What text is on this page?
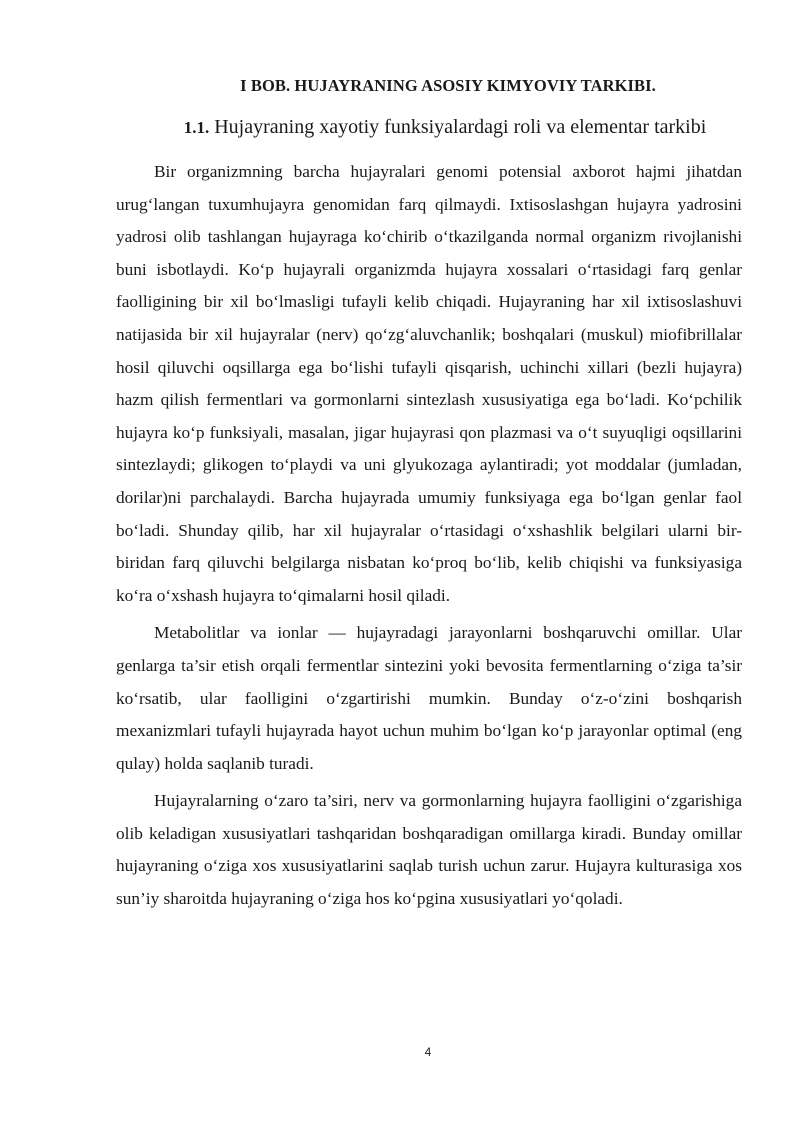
I BOB. HUJAYRANING ASOSIY KIMYOVIY TARKIBI.
1.1. Hujayraning xayotiy funksiyalardagi roli va elementar tarkibi

Bir organizmning barcha hujayralari genomi potensial axborot hajmi jihatdan urug‘langan tuxumhujayra genomidan farq qilmaydi. Ixtisoslashgan hujayra yadrosini yadrosi olib tashlangan hujayraga ko‘chirib o‘tkazilganda normal organizm rivojlanishi buni isbotlaydi. Ko‘p hujayrali organizmda hujayra xossalari o‘rtasidagi farq genlar faolligining bir xil bo‘lmasligi tufayli kelib chiqadi. Hujayraning har xil ixtisoslashuvi natijasida bir xil hujayralar (nerv) qo‘zg‘aluvchanlik; boshqalari (muskul) miofibrillalar hosil qiluvchi oqsillarga ega bo‘lishi tufayli qisqarish, uchinchi xillari (bezli hujayra) hazm qilish fermentlari va gormonlarni sintezlash xususiyatiga ega bo‘ladi. Ko‘pchilik hujayra ko‘p funksiyali, masalan, jigar hujayrasi qon plazmasi va o‘t suyuqligi oqsillarini sintezlaydi; glikogen to‘playdi va uni glyukozaga aylantiradi; yot moddalar (jumladan, dorilar)ni parchalaydi. Barcha hujayrada umumiy funksiyaga ega bo‘lgan genlar faol bo‘ladi. Shunday qilib, har xil hujayralar o‘rtasidagi o‘xshashlik belgilari ularni bir-biridan farq qiluvchi belgilarga nisbatan ko‘proq bo‘lib, kelib chiqishi va funksiyasiga ko‘ra o‘xshash hujayra to‘qimalarni hosil qiladi.

Metabolitlar va ionlar — hujayradagi jarayonlarni boshqaruvchi omillar. Ular genlarga ta’sir etish orqali fermentlar sintezini yoki bevosita fermentlarning o‘ziga ta’sir ko‘rsatib, ular faolligini o‘zgartirishi mumkin. Bunday o‘z-o‘zini boshqarish mexanizmlari tufayli hujayrada hayot uchun muhim bo‘lgan ko‘p jarayonlar optimal (eng qulay) holda saqlanib turadi.

Hujayralarning o‘zaro ta’siri, nerv va gormonlarning hujayra faolligini o‘zgarishiga olib keladigan xususiyatlari tashqaridan boshqaradigan omillarga kiradi. Bunday omillar hujayraning o‘ziga xos xususiyatlarini saqlab turish uchun zarur. Hujayra kulturasiga xos sun’iy sharoitda hujayraning o‘ziga hos ko‘pgina xususiyatlari yo‘qoladi.

4
